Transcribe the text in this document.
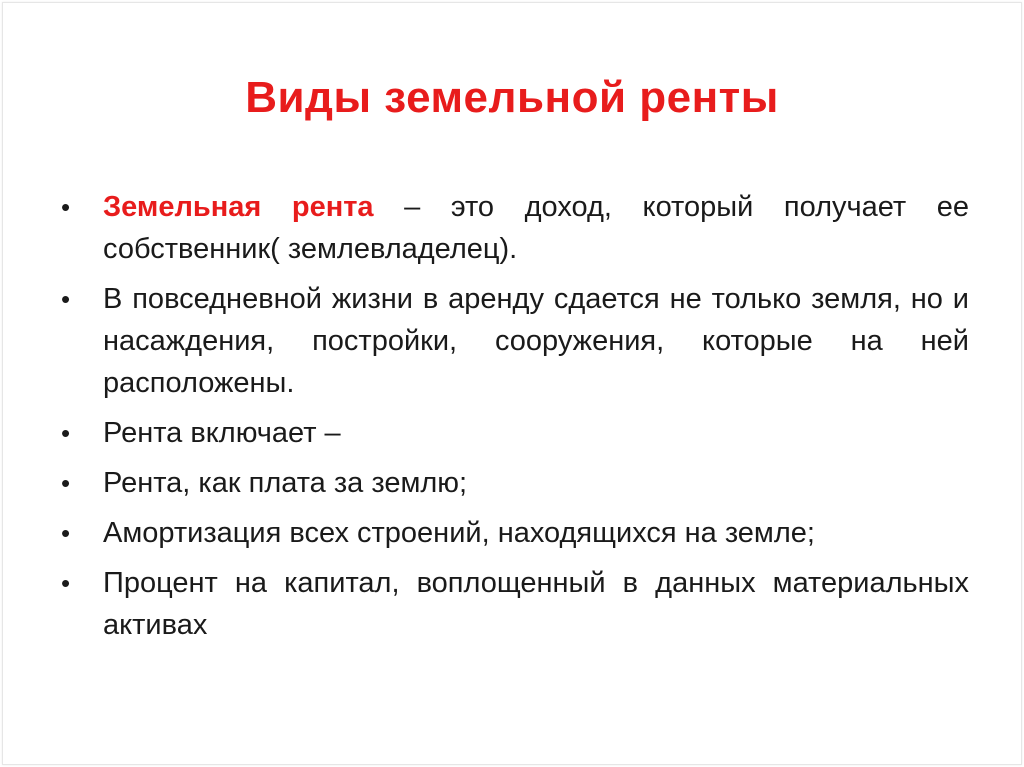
Виды земельной ренты
•	Земельная рента – это доход, который получает ее собственник( землевладелец).
•	В повседневной жизни в аренду сдается не только земля, но и насаждения, постройки, сооружения, которые на ней расположены.
•	Рента включает –
•	Рента, как плата за землю;
•	Амортизация всех строений, находящихся на земле;
•	Процент на капитал, воплощенный в данных материальных активах
